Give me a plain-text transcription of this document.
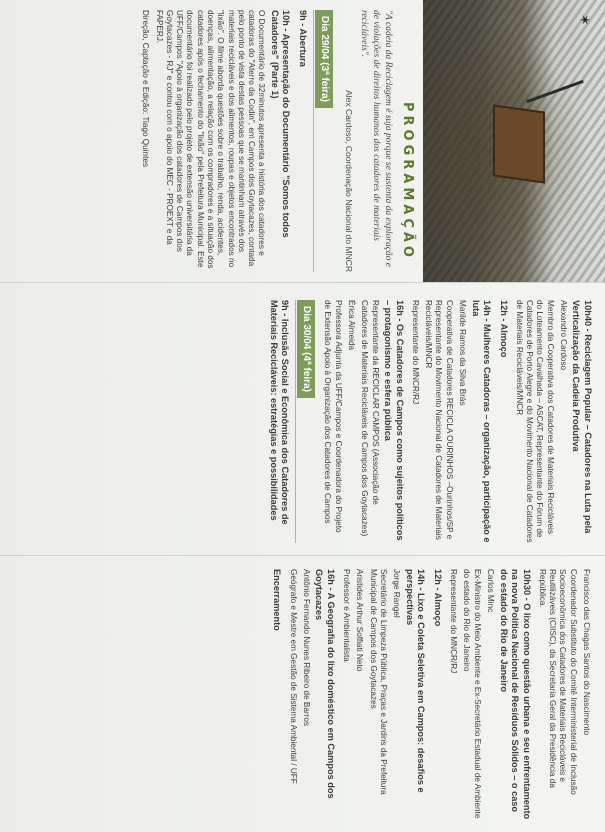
✶
PROGRAMAÇÃO
"A cadeia da Reciclagem é suja porque se sustenta da exploração e de violações de direitos humanos dos catadores de materiais recicláveis".
Alex Cardoso, Coordenação Nacional do MNCR
Dia 29/04 (3ª feira)
9h - Abertura
10h - Apresentação do Documentário "Somos todos Catadores" (Parte 1)
O Documentário de 32minutos apresenta a história dos catadores e catadoras do "Aterro da Codin", em Campos dos Goytacazes, contada pelo ponto de vista destas pessoas que se mantinham através dos materiais recicláveis e dos alimentos, roupas e objetos encontrados no "lixão". O filme aborda questões sobre o trabalho, renda, acidentes, doenças, alimentação, a relação com os compradores e a situação dos catadores após o fechamento do "lixão" pela Prefeitura Municipal. Este documentário foi realizado pelo projeto de extensão universitária da UFF/Campos "Apoio à organização dos catadores de Campos dos Goytacazes - RJ" e contou com o apoio do MEC - PROEXT e da FAPERJ.
Direção, Captação e Edição: Tiago Quintes
10h40 - Reciclagem Popular – Catadores na Luta pela Verticalização da Cadeia Produtiva
Alexandro Cardoso
Membro da Cooperativa dos Catadores de Materiais Recicláveis do Loteamento Cavalhada – ASCAT, Representante do Fórum de Catadores de Porto Alegre e do Movimento Nacional de Catadores de Materiais Recicláveis/MNCR
12h - Almoço
14h - Mulheres Catadoras – organização, participação e luta
Marilde Ramos da Silva Brás
Cooperativa de Catadores RECICLA OURINHOS –Ourinhos/SP e Representante do Movimento Nacional de Catadores de Materiais Recicláveis/MNCR
Representante do MNCR/RJ
16h - Os Catadores de Campos como sujeitos políticos – protagonismo e esfera pública
Representante da RECICLAR CAMPOS (Associação de Catadores de Materiais Recicláveis de Campos dos Goytacazes)
Érica Almeida
Professora Adjunta da UFF/Campos e Coordenadora do Projeto de Extensão Apoio à Organização dos Catadores de Campos
Dia 30/04 (4ª feira)
9h - Inclusão Social e Econômica dos Catadores de Materiais Recicláveis: estratégias e possibilidades
Francisco das Chagas Santos do Nascimento
Coordenador Substituto do Comitê Interministerial de Inclusão Socioeconômica dos Catadores de Materiais Recicláveis e Reutilizáveis (CIISC), da Secretaria Geral da Presidência da República.
10h30 - O lixo como questão urbana e seu enfrentamento na nova Política Nacional de Resíduos Sólidos – o caso do estado do Rio de Janeiro
Carlos Minc
Ex-Ministro do Meio Ambiente e Ex-Secretário Estadual de Ambiente do estado do Rio de Janeiro
Representante do MNCR/RJ
12h - Almoço
14h - Lixo e Coleta Seletiva em Campos: desafios e perspectivas
Jorge Rangel
Secretário de Limpeza Pública, Praças e Jardins da Prefeitura Municipal de Campos dos Goytacazes
Aristides Arthur Soffiati Neto
Professor e Ambientalista
16h - A Geografia do lixo doméstico em Campos dos Goytacazes
Antônio Fernando Nunes Ribeiro de Barros
Geógrafo e Mestre em Gestão de Sistema Ambiental / UFF
Encerramento
